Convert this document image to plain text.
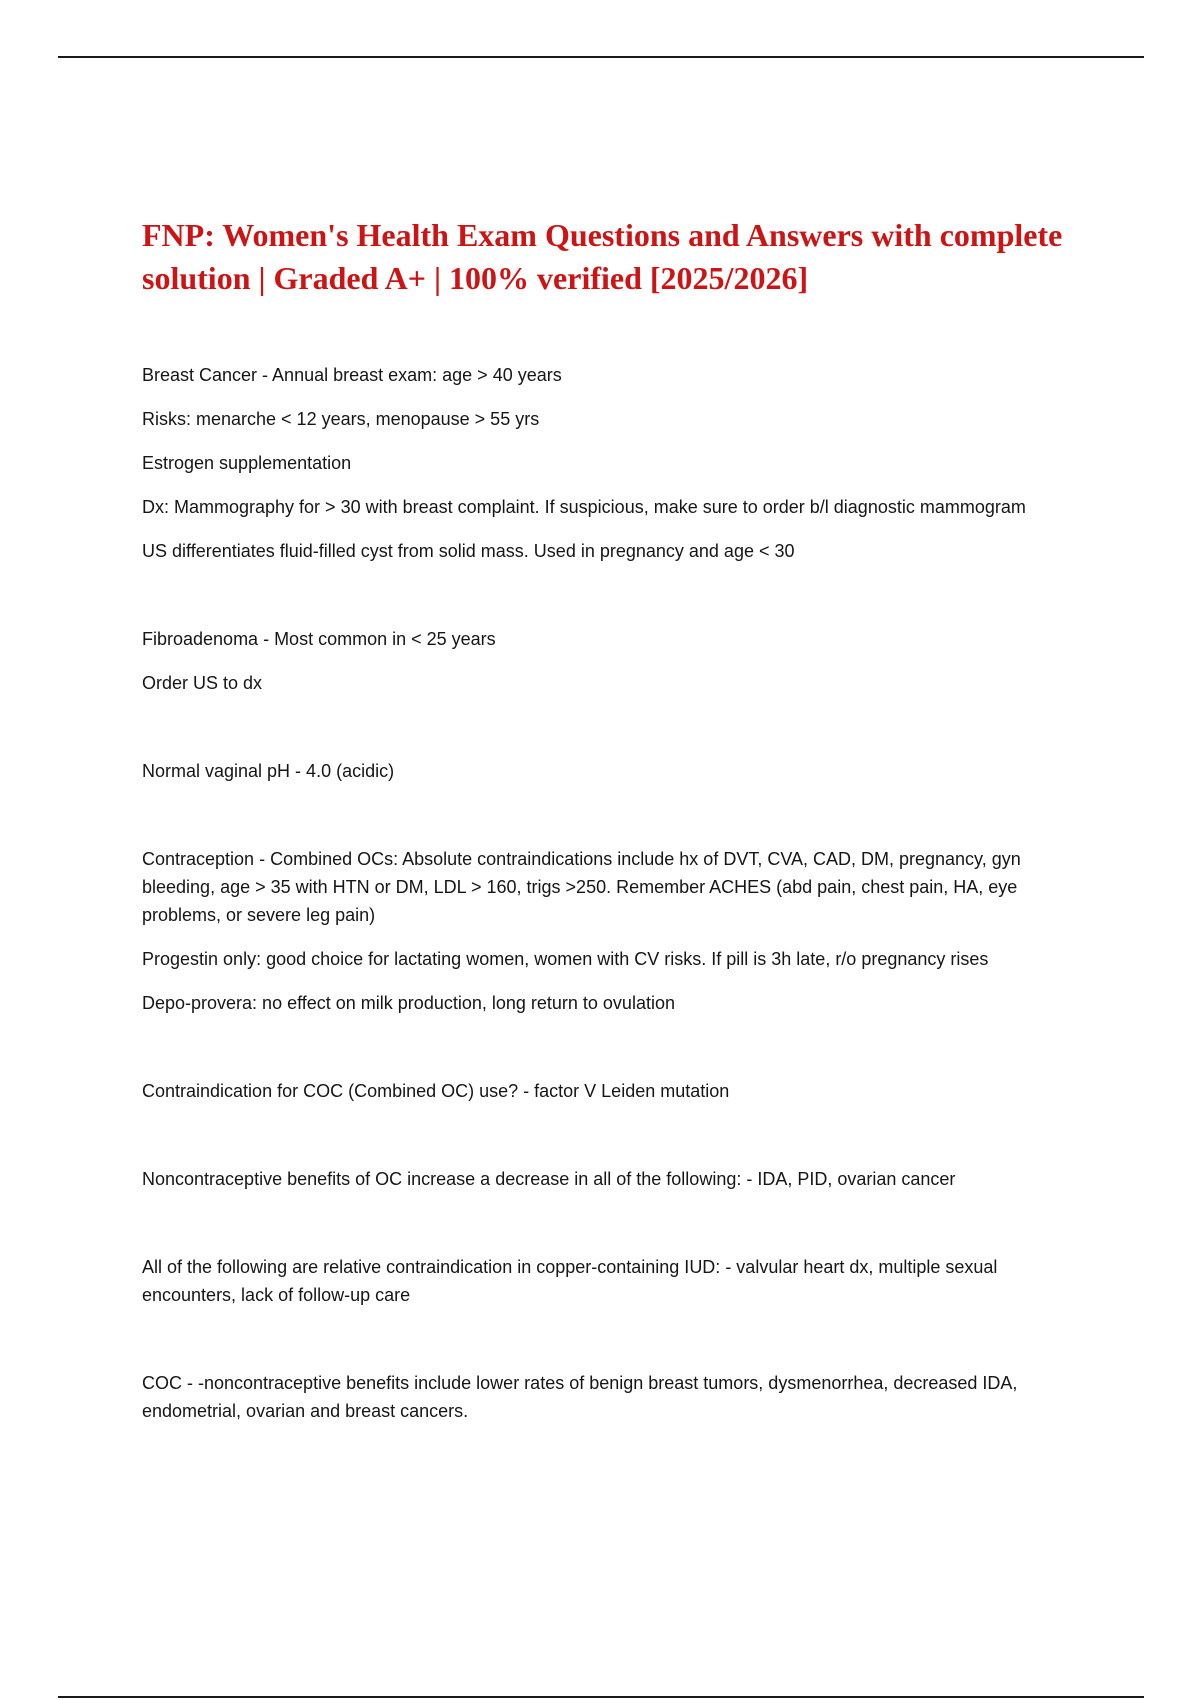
FNP: Women's Health Exam Questions and Answers with complete solution | Graded A+ | 100% verified [2025/2026]

Breast Cancer - Annual breast exam: age > 40 years

Risks: menarche < 12 years, menopause > 55 yrs

Estrogen supplementation

Dx: Mammography for > 30 with breast complaint. If suspicious, make sure to order b/l diagnostic mammogram

US differentiates fluid-filled cyst from solid mass. Used in pregnancy and age < 30

Fibroadenoma - Most common in < 25 years

Order US to dx

Normal vaginal pH - 4.0 (acidic)

Contraception - Combined OCs: Absolute contraindications include hx of DVT, CVA, CAD, DM, pregnancy, gyn bleeding, age > 35 with HTN or DM, LDL > 160, trigs >250. Remember ACHES (abd pain, chest pain, HA, eye problems, or severe leg pain)

Progestin only: good choice for lactating women, women with CV risks. If pill is 3h late, r/o pregnancy rises

Depo-provera: no effect on milk production, long return to ovulation

Contraindication for COC (Combined OC) use? - factor V Leiden mutation

Noncontraceptive benefits of OC increase a decrease in all of the following: - IDA, PID, ovarian cancer

All of the following are relative contraindication in copper-containing IUD: - valvular heart dx, multiple sexual encounters, lack of follow-up care

COC - -noncontraceptive benefits include lower rates of benign breast tumors, dysmenorrhea, decreased IDA, endometrial, ovarian and breast cancers.
